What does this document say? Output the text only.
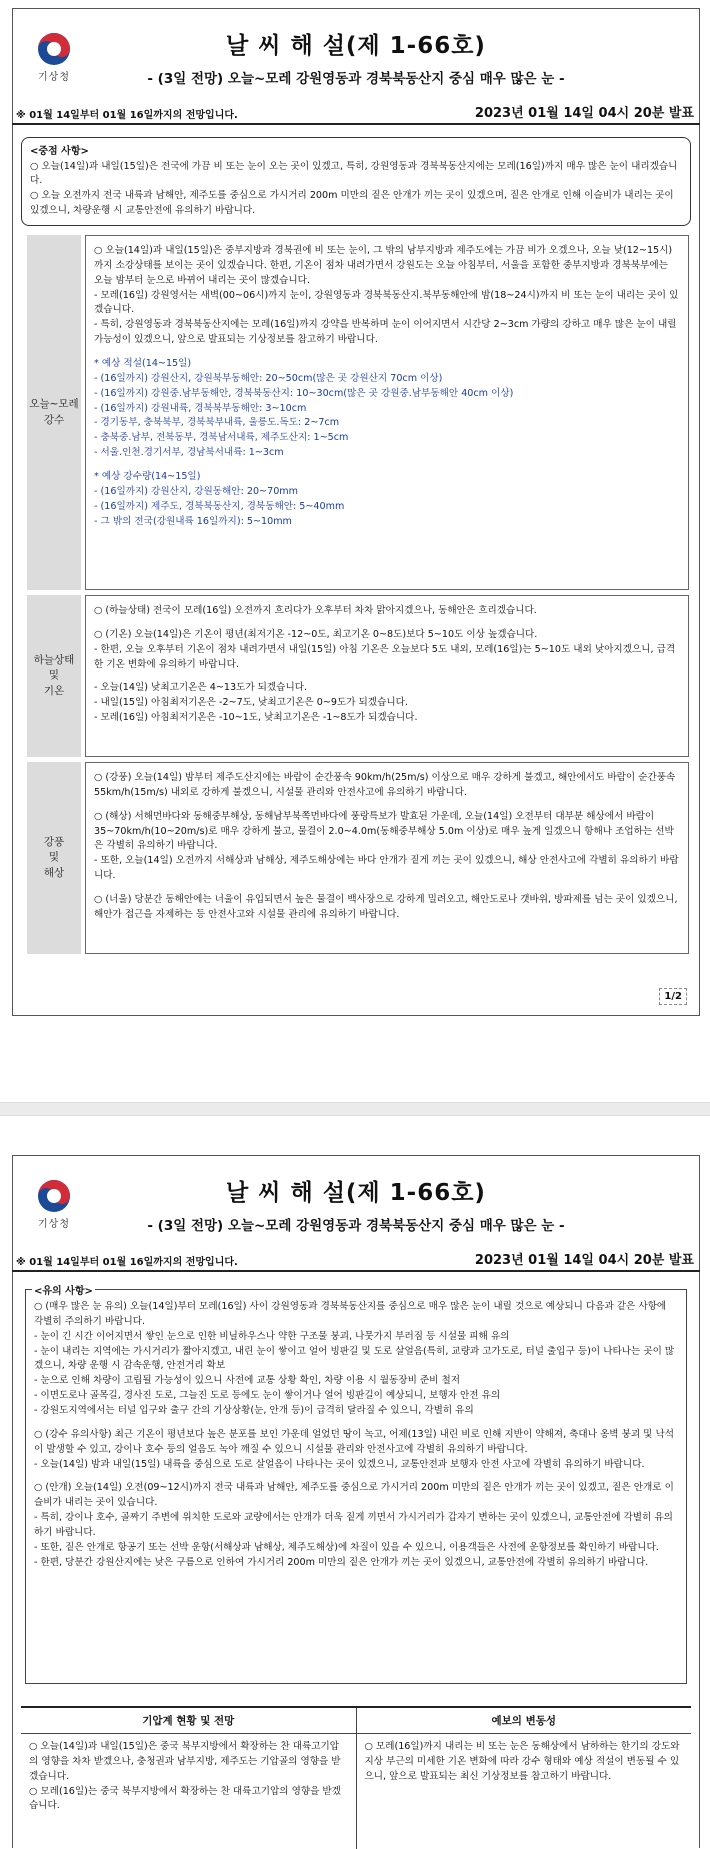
기상청
날 씨 해 설(제 1-66호)
- (3일 전망) 오늘~모레 강원영동과 경북북동산지 중심 매우 많은 눈 -
※ 01월 14일부터 01월 16일까지의 전망입니다.	2023년 01월 14일 04시 20분 발표
<중점 사항>
○ 오늘(14일)과 내일(15일)은 전국에 가끔 비 또는 눈이 오는 곳이 있겠고, 특히, 강원영동과 경북북동산지에는 모레(16일)까지 매우 많은 눈이 내리겠습니다.
○ 오늘 오전까지 전국 내륙과 남해안, 제주도를 중심으로 가시거리 200m 미만의 짙은 안개가 끼는 곳이 있겠으며, 짙은 안개로 인해 이슬비가 내리는 곳이 있겠으니, 차량운행 시 교통안전에 유의하기 바랍니다.
오늘~모레
강수
○ 오늘(14일)과 내일(15일)은 중부지방과 경북권에 비 또는 눈이, 그 밖의 남부지방과 제주도에는 가끔 비가 오겠으나, 오늘 낮(12~15시)까지 소강상태를 보이는 곳이 있겠습니다. 한편, 기온이 점차 내려가면서 강원도는 오늘 아침부터, 서울을 포함한 중부지방과 경북북부에는 오늘 밤부터 눈으로 바뀌어 내리는 곳이 많겠습니다.
- 모레(16일) 강원영서는 새벽(00~06시)까지 눈이, 강원영동과 경북북동산지.북부동해안에 밤(18~24시)까지 비 또는 눈이 내리는 곳이 있겠습니다.
- 특히, 강원영동과 경북북동산지에는 모레(16일)까지 강약을 반복하며 눈이 이어지면서 시간당 2~3cm 가량의 강하고 매우 많은 눈이 내릴 가능성이 있겠으니, 앞으로 발표되는 기상정보를 참고하기 바랍니다.
* 예상 적설(14~15일)
- (16일까지) 강원산지, 강원북부동해안: 20~50cm(많은 곳 강원산지 70cm 이상)
- (16일까지) 강원중.남부동해안, 경북북동산지: 10~30cm(많은 곳 강원중.남부동해안 40cm 이상)
- (16일까지) 강원내륙, 경북북부동해안: 3~10cm
- 경기동부, 충북북부, 경북북부내륙, 울릉도.독도: 2~7cm
- 충북중.남부, 전북동부, 경북남서내륙, 제주도산지: 1~5cm
- 서울.인천.경기서부, 경남북서내륙: 1~3cm
* 예상 강수량(14~15일)
- (16일까지) 강원산지, 강원동해안: 20~70mm
- (16일까지) 제주도, 경북북동산지, 경북동해안: 5~40mm
- 그 밖의 전국(강원내륙 16일까지): 5~10mm
하늘상태
및
기온
○ (하늘상태) 전국이 모레(16일) 오전까지 흐리다가 오후부터 차차 맑아지겠으나, 동해안은 흐리겠습니다.
○ (기온) 오늘(14일)은 기온이 평년(최저기온 -12~0도, 최고기온 0~8도)보다 5~10도 이상 높겠습니다.
- 한편, 오늘 오후부터 기온이 점차 내려가면서 내일(15일) 아침 기온은 오늘보다 5도 내외, 모레(16일)는 5~10도 내외 낮아지겠으니, 급격한 기온 변화에 유의하기 바랍니다.
- 오늘(14일) 낮최고기온은 4~13도가 되겠습니다.
- 내일(15일) 아침최저기온은 -2~7도, 낮최고기온은 0~9도가 되겠습니다.
- 모레(16일) 아침최저기온은 -10~1도, 낮최고기온은 -1~8도가 되겠습니다.
강풍
및
해상
○ (강풍) 오늘(14일) 밤부터 제주도산지에는 바람이 순간풍속 90km/h(25m/s) 이상으로 매우 강하게 불겠고, 해안에서도 바람이 순간풍속 55km/h(15m/s) 내외로 강하게 불겠으니, 시설물 관리와 안전사고에 유의하기 바랍니다.
○ (해상) 서해먼바다와 동해중부해상, 동해남부북쪽먼바다에 풍랑특보가 발효된 가운데, 오늘(14일) 오전부터 대부분 해상에서 바람이 35~70km/h(10~20m/s)로 매우 강하게 불고, 물결이 2.0~4.0m(동해중부해상 5.0m 이상)로 매우 높게 일겠으니 항해나 조업하는 선박은 각별히 유의하기 바랍니다.
- 또한, 오늘(14일) 오전까지 서해상과 남해상, 제주도해상에는 바다 안개가 짙게 끼는 곳이 있겠으니, 해상 안전사고에 각별히 유의하기 바랍니다.
○ (너울) 당분간 동해안에는 너울이 유입되면서 높은 물결이 백사장으로 강하게 밀려오고, 해안도로나 갯바위, 방파제를 넘는 곳이 있겠으니, 해안가 접근을 자제하는 등 안전사고와 시설물 관리에 유의하기 바랍니다.
1/2
기상청
날 씨 해 설(제 1-66호)
- (3일 전망) 오늘~모레 강원영동과 경북북동산지 중심 매우 많은 눈 -
※ 01월 14일부터 01월 16일까지의 전망입니다.	2023년 01월 14일 04시 20분 발표
<유의 사항>
○ (매우 많은 눈 유의) 오늘(14일)부터 모레(16일) 사이 강원영동과 경북북동산지를 중심으로 매우 많은 눈이 내릴 것으로 예상되니 다음과 같은 사항에 각별히 주의하기 바랍니다.
- 눈이 긴 시간 이어지면서 쌓인 눈으로 인한 비닐하우스나 약한 구조물 붕괴, 나뭇가지 부러짐 등 시설물 피해 유의
- 눈이 내리는 지역에는 가시거리가 짧아지겠고, 내린 눈이 쌓이고 얼어 빙판길 및 도로 살얼음(특히, 교량과 고가도로, 터널 출입구 등)이 나타나는 곳이 많겠으니, 차량 운행 시 감속운행, 안전거리 확보
- 눈으로 인해 차량이 고립될 가능성이 있으니 사전에 교통 상황 확인, 차량 이용 시 월동장비 준비 철저
- 이면도로나 골목길, 경사진 도로, 그늘진 도로 등에도 눈이 쌓이거나 얼어 빙판길이 예상되니, 보행자 안전 유의
- 강원도지역에서는 터널 입구와 출구 간의 기상상황(눈, 안개 등)이 급격히 달라질 수 있으니, 각별히 유의
○ (강수 유의사항) 최근 기온이 평년보다 높은 분포를 보인 가운데 얼었던 땅이 녹고, 어제(13일) 내린 비로 인해 지반이 약해져, 축대나 옹벽 붕괴 및 낙석이 발생할 수 있고, 강이나 호수 등의 얼음도 녹아 깨질 수 있으니 시설물 관리와 안전사고에 각별히 유의하기 바랍니다.
- 오늘(14일) 밤과 내일(15일) 내륙을 중심으로 도로 살얼음이 나타나는 곳이 있겠으니, 교통안전과 보행자 안전 사고에 각별히 유의하기 바랍니다.
○ (안개) 오늘(14일) 오전(09~12시)까지 전국 내륙과 남해안, 제주도를 중심으로 가시거리 200m 미만의 짙은 안개가 끼는 곳이 있겠고, 짙은 안개로 이슬비가 내리는 곳이 있습니다.
- 특히, 강이나 호수, 골짜기 주변에 위치한 도로와 교량에서는 안개가 더욱 짙게 끼면서 가시거리가 갑자기 변하는 곳이 있겠으니, 교통안전에 각별히 유의하기 바랍니다.
- 또한, 짙은 안개로 항공기 또는 선박 운항(서해상과 남해상, 제주도해상)에 차질이 있을 수 있으니, 이용객들은 사전에 운항정보를 확인하기 바랍니다.
- 한편, 당분간 강원산지에는 낮은 구름으로 인하여 가시거리 200m 미만의 짙은 안개가 끼는 곳이 있겠으니, 교통안전에 각별히 유의하기 바랍니다.
기압계 현황 및 전망
○ 오늘(14일)과 내일(15일)은 중국 북부지방에서 확장하는 찬 대륙고기압의 영향을 차차 받겠으나, 충청권과 남부지방, 제주도는 기압골의 영향을 받겠습니다.
○ 모레(16일)는 중국 북부지방에서 확장하는 찬 대륙고기압의 영향을 받겠습니다.
예보의 변동성
○ 모레(16일)까지 내리는 비 또는 눈은 동해상에서 남하하는 한기의 강도와 지상 부근의 미세한 기온 변화에 따라 강수 형태와 예상 적설이 변동될 수 있으니, 앞으로 발표되는 최신 기상정보를 참고하기 바랍니다.
